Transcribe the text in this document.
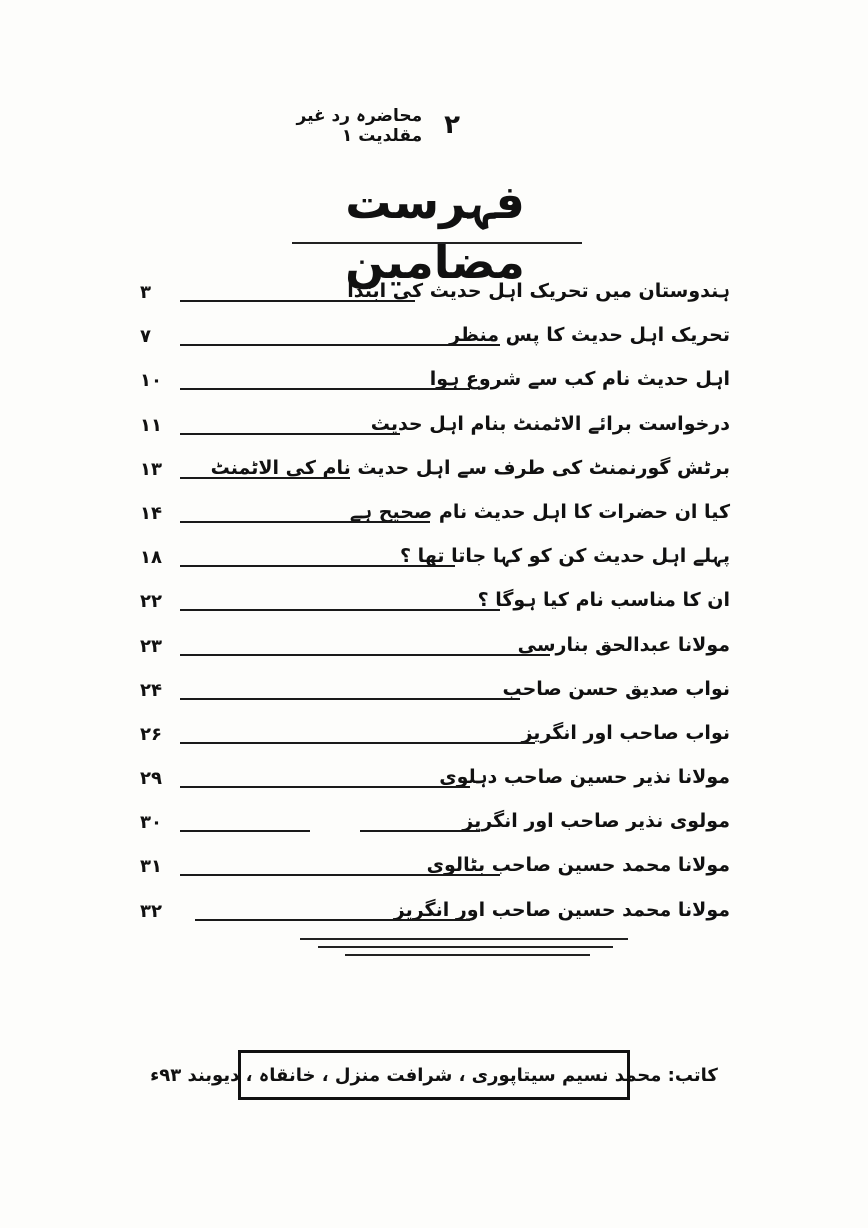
۲
محاضرہ رد غیر مقلدیت ۱
فہرست مضامین
ہندوستان میں تحریک اہل حدیث کی ابتدا
۳
تحریک اہل حدیث کا پس منظر
۷
اہل حدیث نام کب سے شروع ہوا
۱۰
درخواست برائے الاٹمنٹ بنام اہل حدیث
۱۱
برٹش گورنمنٹ کی طرف سے اہل حدیث نام کی الاٹمنٹ
۱۳
کیا ان حضرات کا اہل حدیث نام صحیح ہے
۱۴
پہلے اہل حدیث کن کو کہا جاتا تھا ؟
۱۸
ان کا مناسب نام کیا ہوگا ؟
۲۲
مولانا عبدالحق بنارسی
۲۳
نواب صدیق حسن صاحب
۲۴
نواب صاحب اور انگریز
۲۶
مولانا نذیر حسین صاحب دہلوی
۲۹
مولوی نذیر صاحب اور انگریز
۳۰
مولانا محمد حسین صاحب بٹالوی
۳۱
مولانا محمد حسین صاحب اور انگریز
۳۲
کاتب: محمد نسیم سیتاپوری ، شرافت منزل ، خانقاہ ، دیوبند ۹۳ء
